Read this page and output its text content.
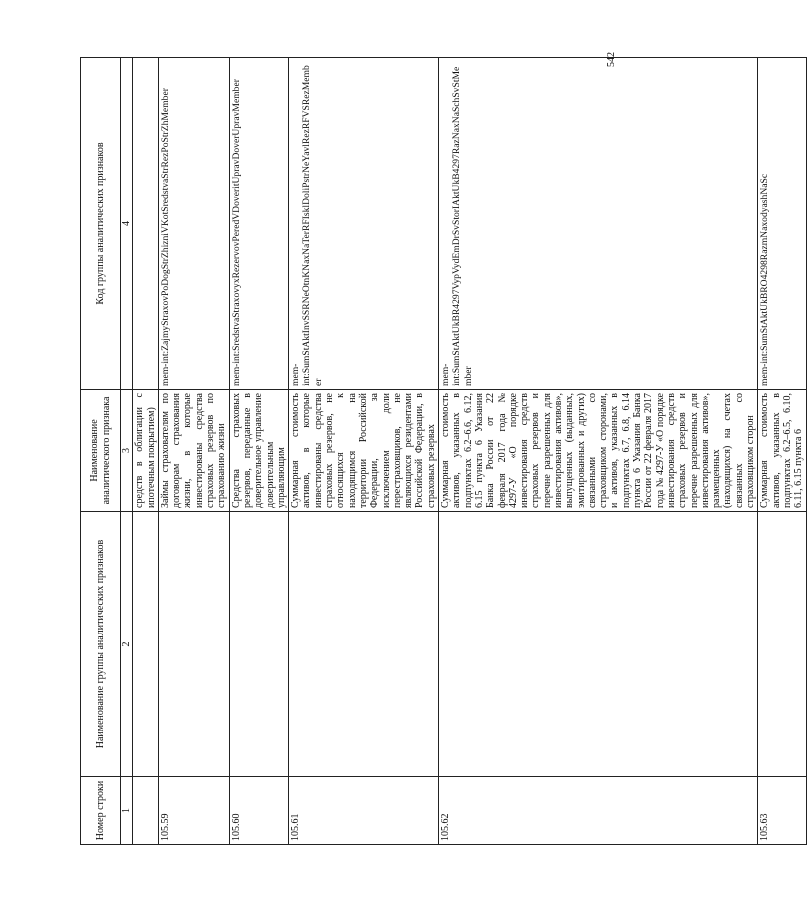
Номер строки	Наименование группы аналитических признаков	Наименование аналитического признака	Код группы аналитических признаков
1	2	3	4
		средств в облигации с ипотечным покрытием)	
105.59		Займы страхователям по договорам страхования жизни, в которые инвестированы средства страховых резервов по страхованию жизни	mem-int:ZajmyStraxovPoDogStrZhizniVKotSredstvaStrRezPoStrZhMember
105.60		Средства страховых резервов, переданные в доверительное управление доверительным управляющим	mem-int:SredstvaStraxovyxRezervovPeredVDoveritUpravDoverUpravMember
105.61		Суммарная стоимость активов, в которые инвестированы средства страховых резервов, не относящихся к находящимся на территории Российской Федерации, за исключением доли перестраховщиков, не являющихся резидентами Российской Федерации, в страховых резервах	mem-int:SumStAktInvSSRNeOtnKNaxNaTerRFIsklDoliPstrNeYavlRezRFVSRezMember
105.62		Суммарная стоимость активов, указанных в подпунктах 6.2–6.6, 6.12, 6.15 пункта 6 Указания Банка России от 22 февраля 2017 года № 4297-У «О порядке инвестирования средств страховых резервов и перечне разрешенных для инвестирования активов», выпущенных (выданных, эмитированных и других) связанными со страховщиком сторонами, и активов, указанных в подпунктах 6.7, 6.8, 6.14 пункта 6 Указания Банка России от 22 февраля 2017 года № 4297-У «О порядке инвестирования средств страховых резервов и перечне разрешенных для инвестирования активов», размещенных (находящихся) на счетах связанных со страховщиком сторон	mem-int:SumStAktUkBR4297VypVydEmDrSvStorIAktUkB4297RazNaxNaSchSvStMember
105.63		Суммарная стоимость активов, указанных в подпунктах 6.2–6.5, 6.10, 6.11, 6.15 пункта 6	mem-int:SumStAktUkBRO4298RazmNaxodyashNaSc
542
